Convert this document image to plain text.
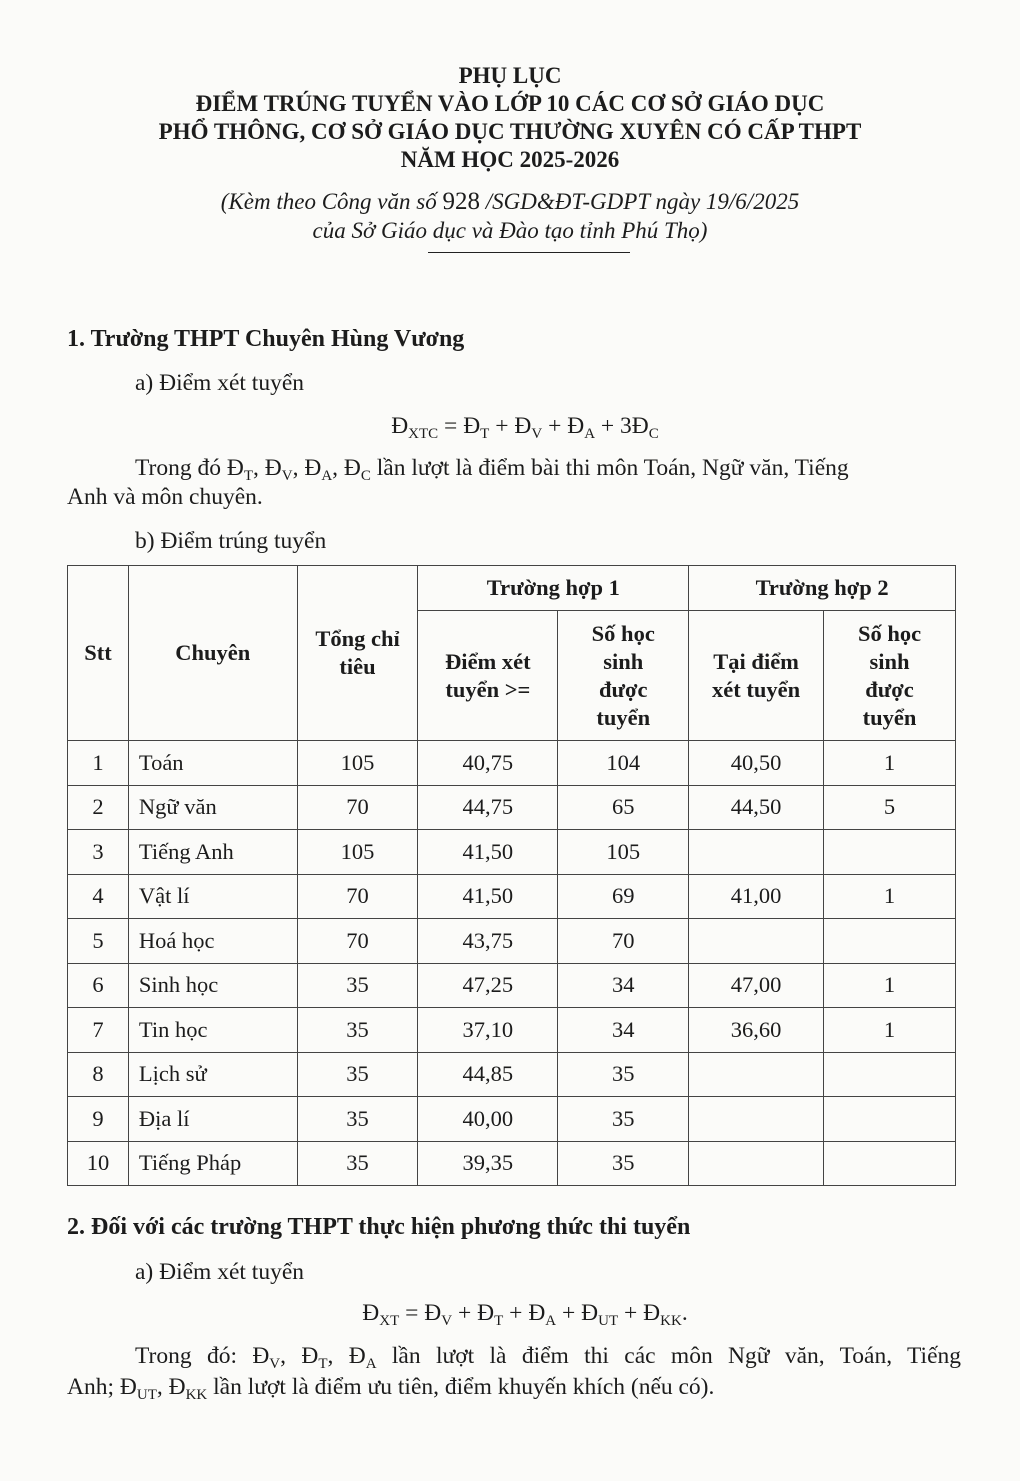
PHỤ LỤC
ĐIỂM TRÚNG TUYỂN VÀO LỚP 10 CÁC CƠ SỞ GIÁO DỤC
PHỔ THÔNG, CƠ SỞ GIÁO DỤC THƯỜNG XUYÊN CÓ CẤP THPT
NĂM HỌC 2025-2026
(Kèm theo Công văn số 928 /SGD&ĐT-GDPT ngày 19/6/2025
của Sở Giáo dục và Đào tạo tỉnh Phú Thọ)
1. Trường THPT Chuyên Hùng Vương
a) Điểm xét tuyển
$Đ_{XTC}$ = $Đ_T$ + $Đ_V$ + $Đ_A$ + $3Đ_C$
Trong đó $Đ_T$, $Đ_V$, $Đ_A$, $Đ_C$ lần lượt là điểm bài thi môn Toán, Ngữ văn, Tiếng
Anh và môn chuyên.
b) Điểm trúng tuyển
Stt	Chuyên	Tổng chỉ tiêu	Trường hợp 1		Trường hợp 2	
			Điểm xét tuyển >=	Số học sinh được tuyển	Tại điểm xét tuyển	Số học sinh được tuyển
1	Toán	105	40,75	104	40,50	1
2	Ngữ văn	70	44,75	65	44,50	5
3	Tiếng Anh	105	41,50	105		
4	Vật lí	70	41,50	69	41,00	1
5	Hoá học	70	43,75	70		
6	Sinh học	35	47,25	34	47,00	1
7	Tin học	35	37,10	34	36,60	1
8	Lịch sử	35	44,85	35		
9	Địa lí	35	40,00	35		
10	Tiếng Pháp	35	39,35	35		
2. Đối với các trường THPT thực hiện phương thức thi tuyển
a) Điểm xét tuyển
$Đ_{XT}$ = $Đ_V$ + $Đ_T$ + $Đ_A$ + $Đ_{UT}$ + $Đ_{KK}$.
Trong đó: $Đ_V$, $Đ_T$, $Đ_A$ lần lượt là điểm thi các môn Ngữ văn, Toán, Tiếng
Anh; $Đ_{UT}$, $Đ_{KK}$ lần lượt là điểm ưu tiên, điểm khuyến khích (nếu có).
